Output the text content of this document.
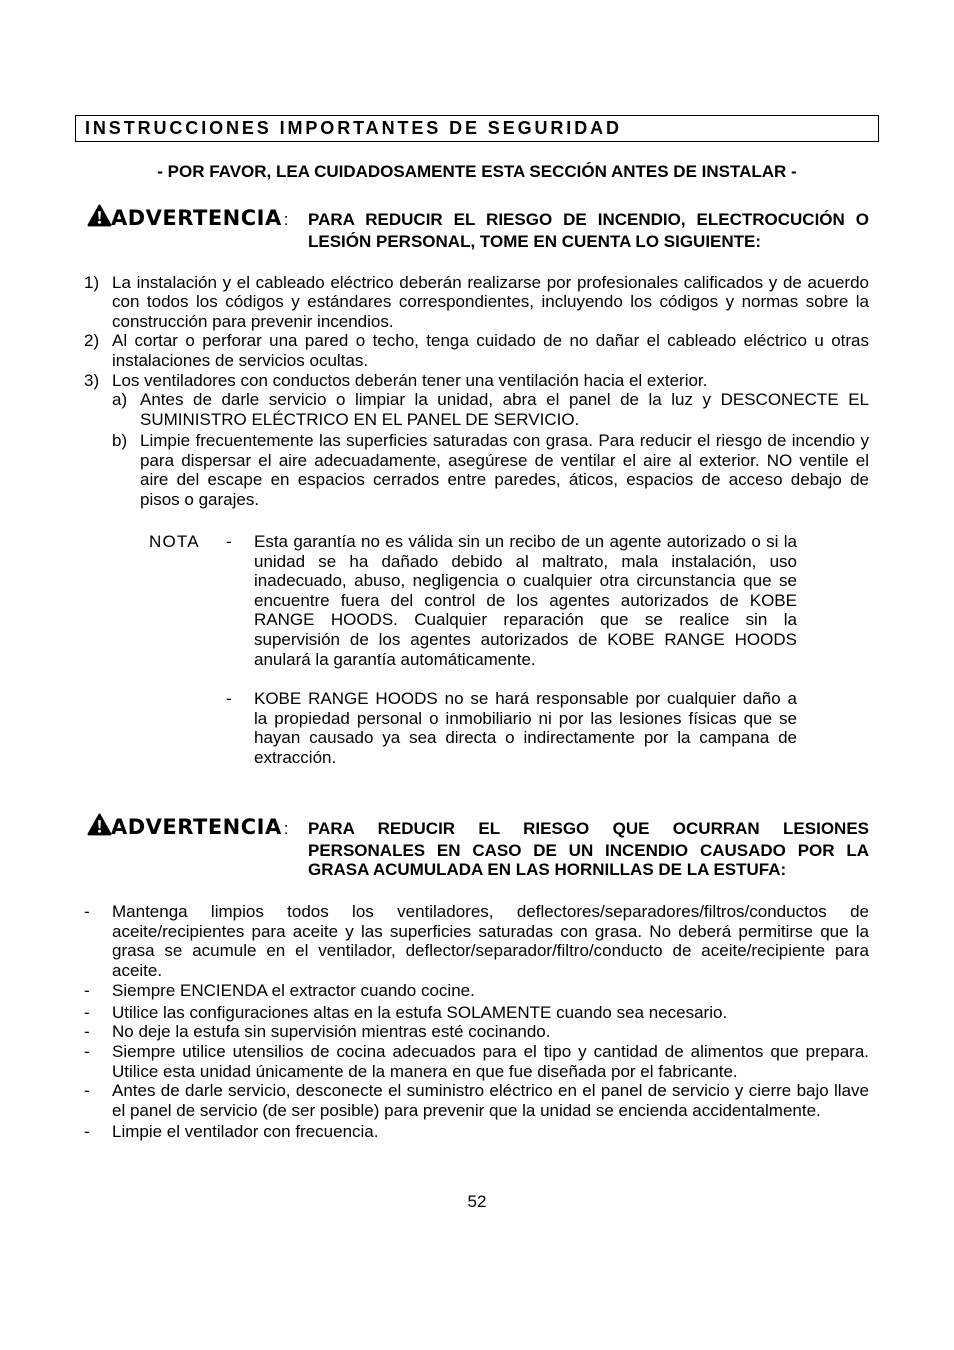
INSTRUCCIONES IMPORTANTES DE SEGURIDAD
- POR FAVOR, LEA CUIDADOSAMENTE ESTA SECCIÓN ANTES DE INSTALAR -
ADVERTENCIA : PARA REDUCIR EL RIESGO DE INCENDIO, ELECTROCUCIÓN O
LESIÓN PERSONAL, TOME EN CUENTA LO SIGUIENTE:
1) La instalación y el cableado eléctrico deberán realizarse por profesionales calificados y de acuerdo
con todos los códigos y estándares correspondientes, incluyendo los códigos y normas sobre la
construcción para prevenir incendios.
2) Al cortar o perforar una pared o techo, tenga cuidado de no dañar el cableado eléctrico u otras
instalaciones de servicios ocultas.
3) Los ventiladores con conductos deberán tener una ventilación hacia el exterior.
a) Antes de darle servicio o limpiar la unidad, abra el panel de la luz y DESCONECTE EL
SUMINISTRO ELÉCTRICO EN EL PANEL DE SERVICIO.
b) Limpie frecuentemente las superficies saturadas con grasa. Para reducir el riesgo de incendio y
para dispersar el aire adecuadamente, asegúrese de ventilar el aire al exterior. NO ventile el
aire del escape en espacios cerrados entre paredes, áticos, espacios de acceso debajo de
pisos o garajes.
NOTA - Esta garantía no es válida sin un recibo de un agente autorizado o si la
unidad se ha dañado debido al maltrato, mala instalación, uso
inadecuado, abuso, negligencia o cualquier otra circunstancia que se
encuentre fuera del control de los agentes autorizados de KOBE
RANGE HOODS. Cualquier reparación que se realice sin la
supervisión de los agentes autorizados de KOBE RANGE HOODS
anulará la garantía automáticamente.
- KOBE RANGE HOODS no se hará responsable por cualquier daño a
la propiedad personal o inmobiliario ni por las lesiones físicas que se
hayan causado ya sea directa o indirectamente por la campana de
extracción.
ADVERTENCIA : PARA REDUCIR EL RIESGO QUE OCURRAN LESIONES
PERSONALES EN CASO DE UN INCENDIO CAUSADO POR LA
GRASA ACUMULADA EN LAS HORNILLAS DE LA ESTUFA:
- Mantenga limpios todos los ventiladores, deflectores/separadores/filtros/conductos de
aceite/recipientes para aceite y las superficies saturadas con grasa. No deberá permitirse que la
grasa se acumule en el ventilador, deflector/separador/filtro/conducto de aceite/recipiente para
aceite.
- Siempre ENCIENDA el extractor cuando cocine.
- Utilice las configuraciones altas en la estufa SOLAMENTE cuando sea necesario.
- No deje la estufa sin supervisión mientras esté cocinando.
- Siempre utilice utensilios de cocina adecuados para el tipo y cantidad de alimentos que prepara.
Utilice esta unidad únicamente de la manera en que fue diseñada por el fabricante.
- Antes de darle servicio, desconecte el suministro eléctrico en el panel de servicio y cierre bajo llave
el panel de servicio (de ser posible) para prevenir que la unidad se encienda accidentalmente.
- Limpie el ventilador con frecuencia.
52
